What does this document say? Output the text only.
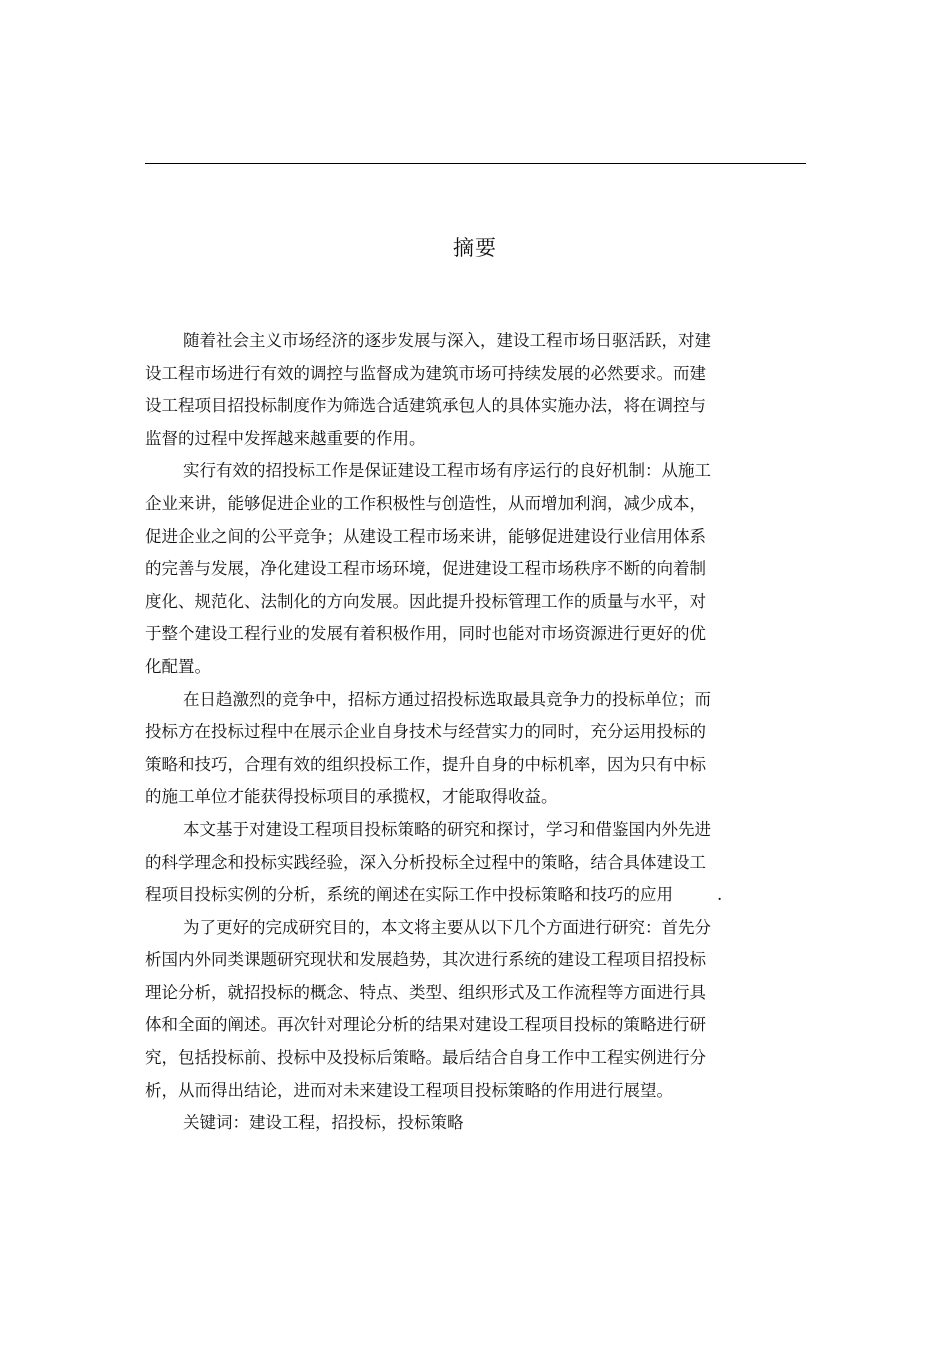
摘要
随着社会主义市场经济的逐步发展与深入，建设工程市场日驱活跃，对建
设工程市场进行有效的调控与监督成为建筑市场可持续发展的必然要求。而建
设工程项目招投标制度作为筛选合适建筑承包人的具体实施办法，将在调控与
监督的过程中发挥越来越重要的作用。
实行有效的招投标工作是保证建设工程市场有序运行的良好机制：从施工
企业来讲，能够促进企业的工作积极性与创造性，从而增加利润，减少成本，
促进企业之间的公平竞争；从建设工程市场来讲，能够促进建设行业信用体系
的完善与发展，净化建设工程市场环境，促进建设工程市场秩序不断的向着制
度化、规范化、法制化的方向发展。因此提升投标管理工作的质量与水平，对
于整个建设工程行业的发展有着积极作用，同时也能对市场资源进行更好的优
化配置。
在日趋激烈的竞争中，招标方通过招投标选取最具竞争力的投标单位；而
投标方在投标过程中在展示企业自身技术与经营实力的同时，充分运用投标的
策略和技巧，合理有效的组织投标工作，提升自身的中标机率，因为只有中标
的施工单位才能获得投标项目的承揽权，才能取得收益。
本文基于对建设工程项目投标策略的研究和探讨，学习和借鉴国内外先进
的科学理念和投标实践经验，深入分析投标全过程中的策略，结合具体建设工
程项目投标实例的分析，系统的阐述在实际工作中投标策略和技巧的应用	.
为了更好的完成研究目的，本文将主要从以下几个方面进行研究：首先分
析国内外同类课题研究现状和发展趋势，其次进行系统的建设工程项目招投标
理论分析，就招投标的概念、特点、类型、组织形式及工作流程等方面进行具
体和全面的阐述。再次针对理论分析的结果对建设工程项目投标的策略进行研
究，包括投标前、投标中及投标后策略。最后结合自身工作中工程实例进行分
析，从而得出结论，进而对未来建设工程项目投标策略的作用进行展望。
关键词：建设工程，招投标，投标策略
